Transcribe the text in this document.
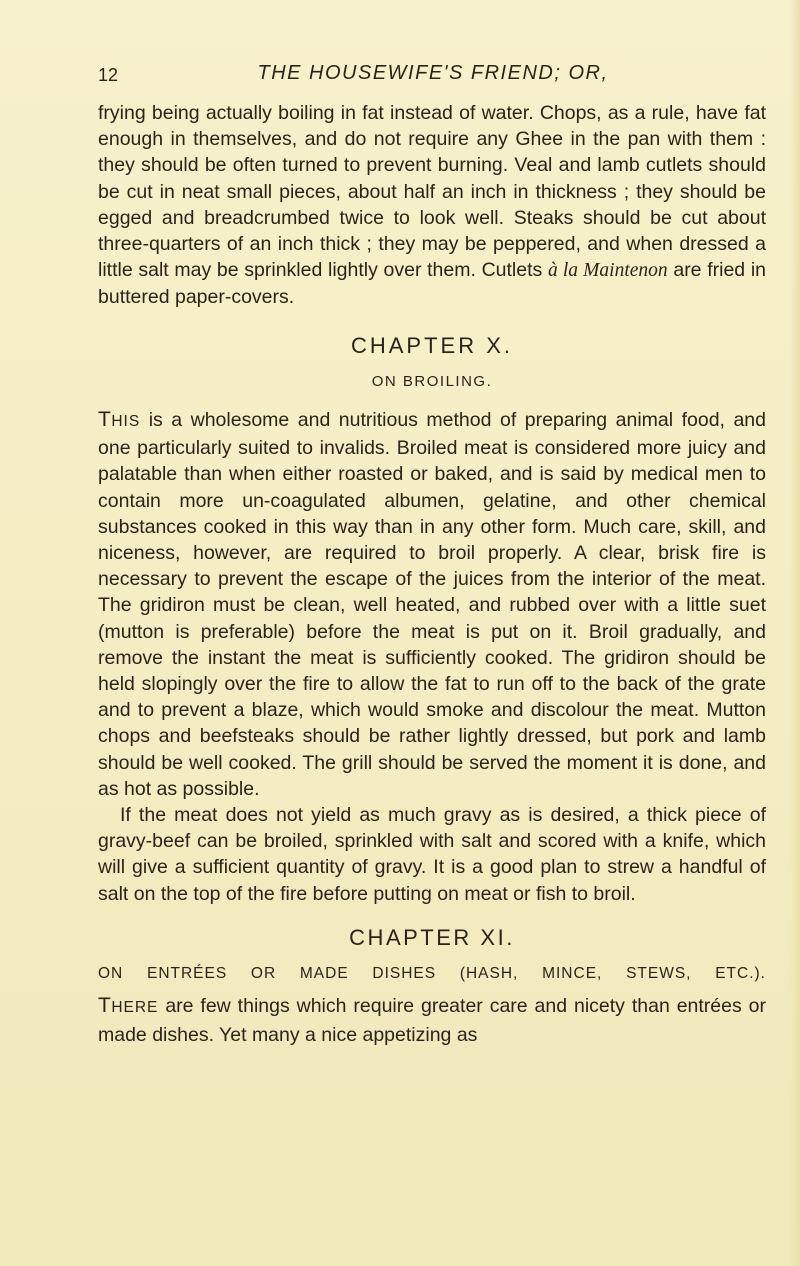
12	THE HOUSEWIFE'S FRIEND; OR,

frying being actually boiling in fat instead of water. Chops, as a rule, have fat enough in themselves, and do not require any Ghee in the pan with them : they should be often turned to prevent burning. Veal and lamb cutlets should be cut in neat small pieces, about half an inch in thickness ; they should be egged and breadcrumbed twice to look well. Steaks should be cut about three-quarters of an inch thick ; they may be peppered, and when dressed a little salt may be sprinkled lightly over them. Cutlets à la Maintenon are fried in buttered paper-covers.

CHAPTER X.
ON BROILING.

THIS is a wholesome and nutritious method of preparing animal food, and one particularly suited to invalids. Broiled meat is considered more juicy and palatable than when either roasted or baked, and is said by medical men to contain more un-coagulated albumen, gelatine, and other chemical substances cooked in this way than in any other form. Much care, skill, and niceness, however, are required to broil properly. A clear, brisk fire is necessary to prevent the escape of the juices from the interior of the meat. The gridiron must be clean, well heated, and rubbed over with a little suet (mutton is preferable) before the meat is put on it. Broil gradually, and remove the instant the meat is sufficiently cooked. The gridiron should be held slopingly over the fire to allow the fat to run off to the back of the grate and to prevent a blaze, which would smoke and discolour the meat. Mutton chops and beefsteaks should be rather lightly dressed, but pork and lamb should be well cooked. The grill should be served the moment it is done, and as hot as possible.

If the meat does not yield as much gravy as is desired, a thick piece of gravy-beef can be broiled, sprinkled with salt and scored with a knife, which will give a sufficient quantity of gravy. It is a good plan to strew a handful of salt on the top of the fire before putting on meat or fish to broil.

CHAPTER XI.
ON ENTRÉES OR MADE DISHES (HASH, MINCE, STEWS, ETC.).

THERE are few things which require greater care and nicety than entrées or made dishes. Yet many a nice appetizing as
